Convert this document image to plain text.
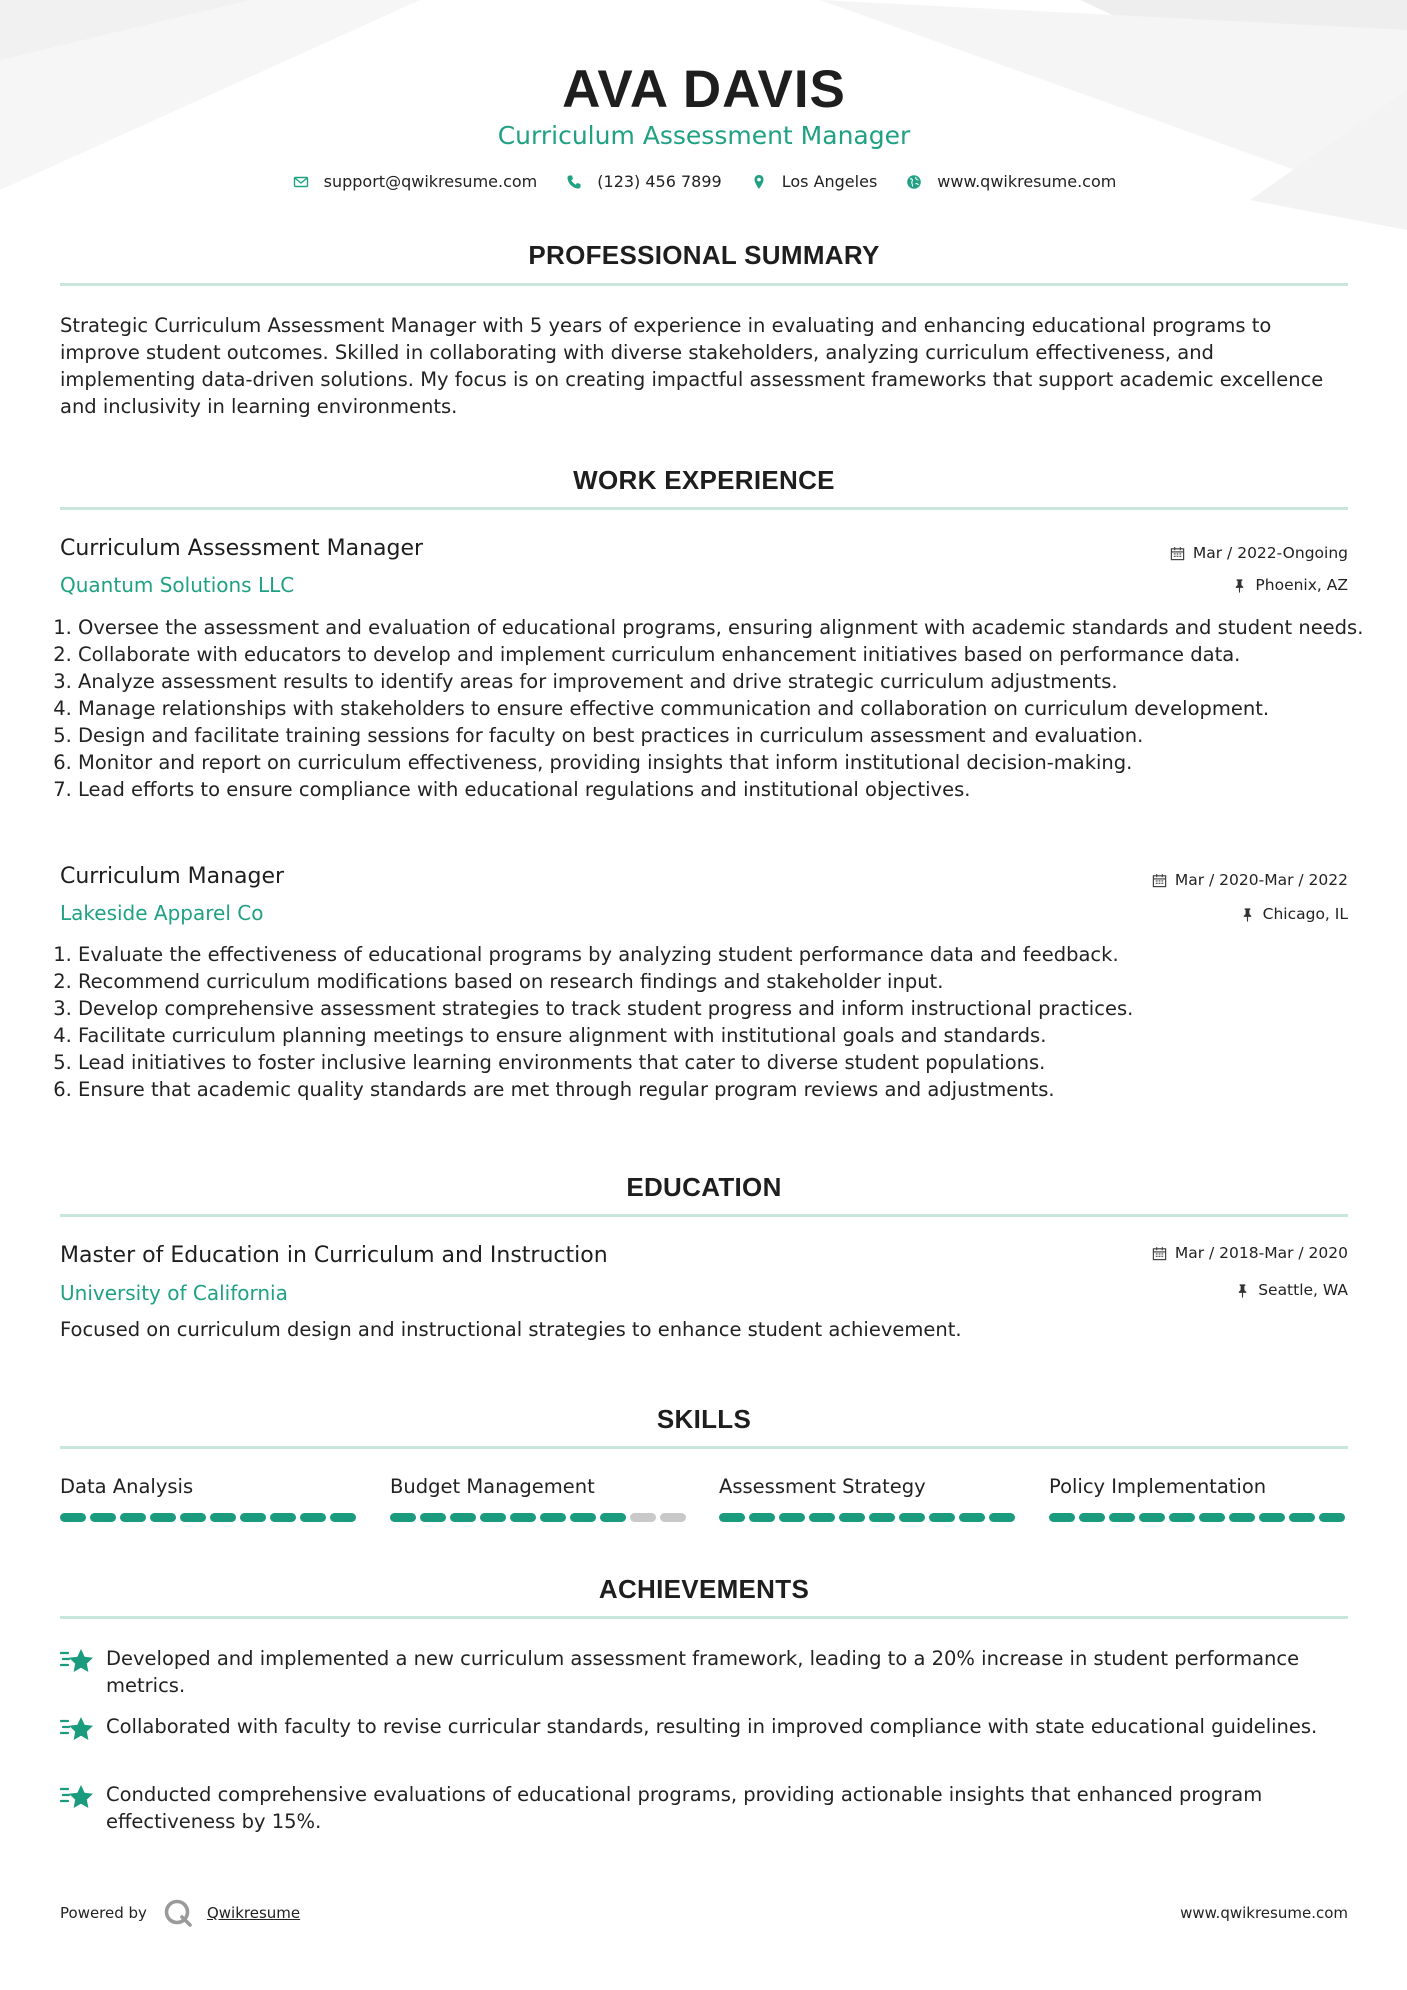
AVA DAVIS
Curriculum Assessment Manager
support@qwikresume.com	(123) 456 7899	Los Angeles	www.qwikresume.com
PROFESSIONAL SUMMARY
Strategic Curriculum Assessment Manager with 5 years of experience in evaluating and enhancing educational programs to improve student outcomes. Skilled in collaborating with diverse stakeholders, analyzing curriculum effectiveness, and implementing data-driven solutions. My focus is on creating impactful assessment frameworks that support academic excellence and inclusivity in learning environments.
WORK EXPERIENCE
Curriculum Assessment Manager	Mar / 2022-Ongoing
Quantum Solutions LLC	Phoenix, AZ
1. Oversee the assessment and evaluation of educational programs, ensuring alignment with academic standards and student needs.
2. Collaborate with educators to develop and implement curriculum enhancement initiatives based on performance data.
3. Analyze assessment results to identify areas for improvement and drive strategic curriculum adjustments.
4. Manage relationships with stakeholders to ensure effective communication and collaboration on curriculum development.
5. Design and facilitate training sessions for faculty on best practices in curriculum assessment and evaluation.
6. Monitor and report on curriculum effectiveness, providing insights that inform institutional decision-making.
7. Lead efforts to ensure compliance with educational regulations and institutional objectives.
Curriculum Manager	Mar / 2020-Mar / 2022
Lakeside Apparel Co	Chicago, IL
1. Evaluate the effectiveness of educational programs by analyzing student performance data and feedback.
2. Recommend curriculum modifications based on research findings and stakeholder input.
3. Develop comprehensive assessment strategies to track student progress and inform instructional practices.
4. Facilitate curriculum planning meetings to ensure alignment with institutional goals and standards.
5. Lead initiatives to foster inclusive learning environments that cater to diverse student populations.
6. Ensure that academic quality standards are met through regular program reviews and adjustments.
EDUCATION
Master of Education in Curriculum and Instruction	Mar / 2018-Mar / 2020
University of California	Seattle, WA
Focused on curriculum design and instructional strategies to enhance student achievement.
SKILLS
Data Analysis	Budget Management	Assessment Strategy	Policy Implementation
ACHIEVEMENTS
Developed and implemented a new curriculum assessment framework, leading to a 20% increase in student performance metrics.
Collaborated with faculty to revise curricular standards, resulting in improved compliance with state educational guidelines.
Conducted comprehensive evaluations of educational programs, providing actionable insights that enhanced program effectiveness by 15%.
Powered by	Qwikresume	www.qwikresume.com
